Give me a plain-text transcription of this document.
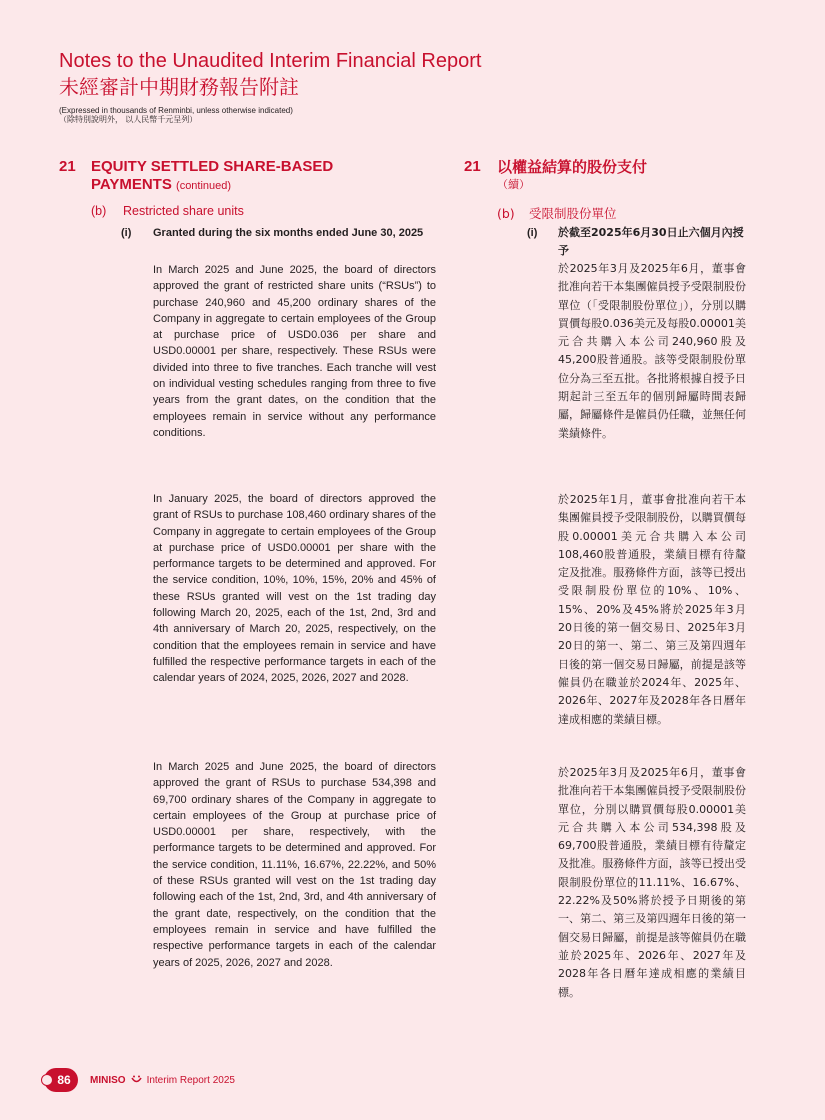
Notes to the Unaudited Interim Financial Report
未經審計中期財務報告附註
(Expressed in thousands of Renminbi, unless otherwise indicated)
（除特別說明外， 以人民幣千元呈列）
21 EQUITY SETTLED SHARE-BASED
PAYMENTS (continued)
(b) Restricted share units
(i) Granted during the six months ended June 30, 2025

In March 2025 and June 2025, the board of directors approved the grant of restricted share units (“RSUs”) to purchase 240,960 and 45,200 ordinary shares of the Company in aggregate to certain employees of the Group at purchase price of USD0.036 per share and USD0.00001 per share, respectively. These RSUs were divided into three to five tranches. Each tranche will vest on individual vesting schedules ranging from three to five years from the grant dates, on the condition that the employees remain in service without any performance conditions.

In January 2025, the board of directors approved the grant of RSUs to purchase 108,460 ordinary shares of the Company in aggregate to certain employees of the Group at purchase price of USD0.00001 per share with the performance targets to be determined and approved. For the service condition, 10%, 10%, 15%, 20% and 45% of these RSUs granted will vest on the 1st trading day following March 20, 2025, each of the 1st, 2nd, 3rd and 4th anniversary of March 20, 2025, respectively, on the condition that the employees remain in service and have fulfilled the respective performance targets in each of the calendar years of 2024, 2025, 2026, 2027 and 2028.

In March 2025 and June 2025, the board of directors approved the grant of RSUs to purchase 534,398 and 69,700 ordinary shares of the Company in aggregate to certain employees of the Group at purchase price of USD0.00001 per share, respectively, with the performance targets to be determined and approved. For the service condition, 11.11%, 16.67%, 22.22%, and 50% of these RSUs granted will vest on the 1st trading day following each of the 1st, 2nd, 3rd, and 4th anniversary of the grant date, respectively, on the condition that the employees remain in service and have fulfilled the respective performance targets in each of the calendar years of 2025, 2026, 2027 and 2028.

21 以權益結算的股份支付
（續）
(b) 受限制股份單位
(i) 於截至2025年6月30日止六個月內授予

於2025年3月及2025年6月，董事會批准向若干本集團僱員授予受限制股份單位（「受限制股份單位」），分別以購買價每股0.036美元及每股0.00001美元合共購入本公司240,960股及45,200股普通股。該等受限制股份單位分為三至五批。各批將根據自授予日期起計三至五年的個別歸屬時間表歸屬，歸屬條件是僱員仍任職，並無任何業績條件。

於2025年1月，董事會批准向若干本集團僱員授予受限制股份，以購買價每股0.00001美元合共購入本公司108,460股普通股，業績目標有待釐定及批准。服務條件方面，該等已授出受限制股份單位的10%、10%、15%、20%及45%將於2025年3月20日後的第一個交易日、2025年3月20日的第一、第二、第三及第四週年日後的第一個交易日歸屬，前提是該等僱員仍在職並於2024年、2025年、2026年、2027年及2028年各日曆年達成相應的業績目標。

於2025年3月及2025年6月，董事會批准向若干本集團僱員授予受限制股份單位，分別以購買價每股0.00001美元合共購入本公司534,398股及69,700股普通股，業績目標有待釐定及批准。服務條件方面，該等已授出受限制股份單位的11.11%、16.67%、22.22%及50%將於授予日期後的第一、第二、第三及第四週年日後的第一個交易日歸屬，前提是該等僱員仍在職並於2025年、2026年、2027年及2028年各日曆年達成相應的業績目標。

86 MINISO Interim Report 2025
